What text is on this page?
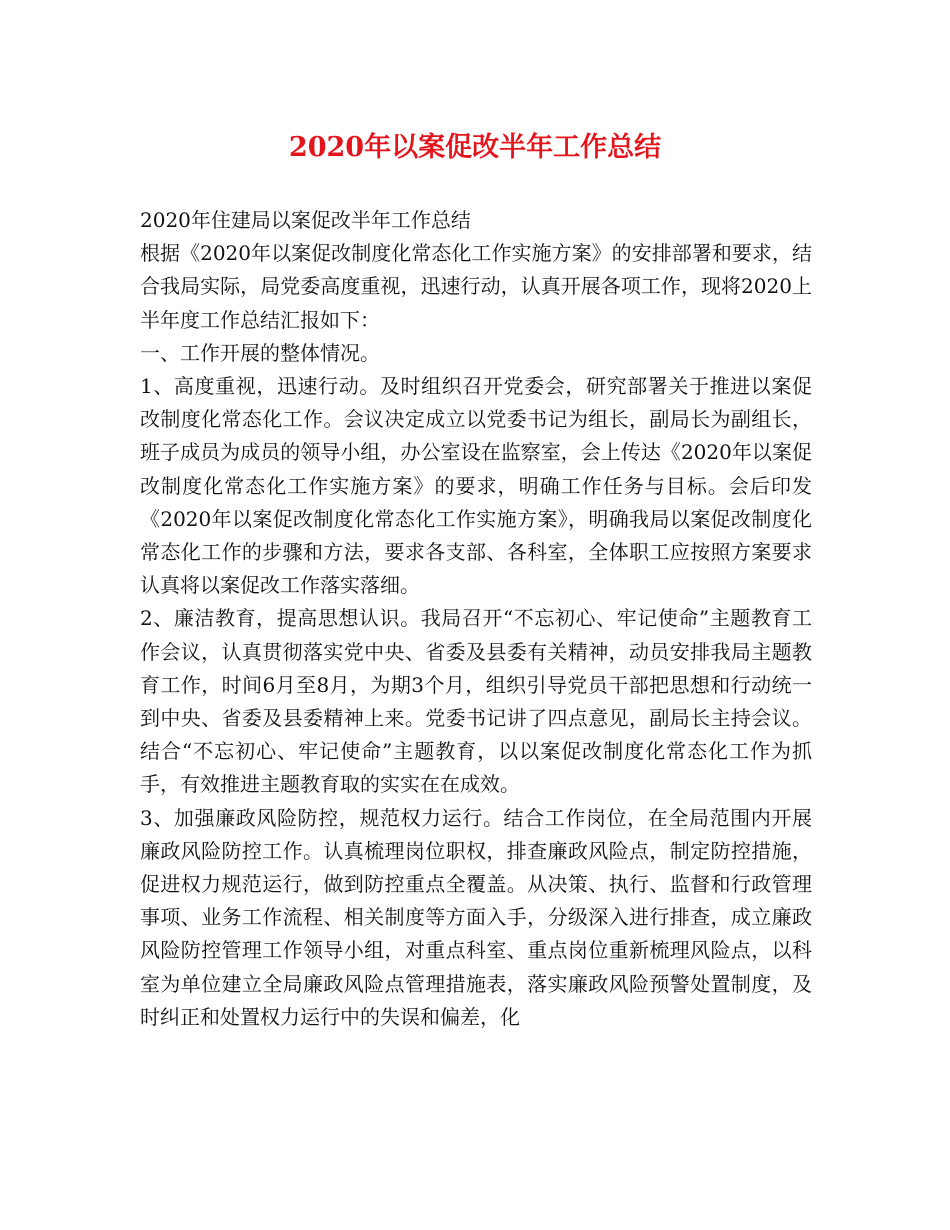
2020年以案促改半年工作总结

2020年住建局以案促改半年工作总结

根据《2020年以案促改制度化常态化工作实施方案》的安排部署和要求，结合我局实际，局党委高度重视，迅速行动，认真开展各项工作，现将2020上半年度工作总结汇报如下：

一、工作开展的整体情况。

1、高度重视，迅速行动。及时组织召开党委会，研究部署关于推进以案促改制度化常态化工作。会议决定成立以党委书记为组长，副局长为副组长，班子成员为成员的领导小组，办公室设在监察室，会上传达《2020年以案促改制度化常态化工作实施方案》的要求，明确工作任务与目标。会后印发《2020年以案促改制度化常态化工作实施方案》，明确我局以案促改制度化常态化工作的步骤和方法，要求各支部、各科室，全体职工应按照方案要求认真将以案促改工作落实落细。

2、廉洁教育，提高思想认识。我局召开“不忘初心、牢记使命”主题教育工作会议，认真贯彻落实党中央、省委及县委有关精神，动员安排我局主题教育工作，时间6月至8月，为期3个月，组织引导党员干部把思想和行动统一到中央、省委及县委精神上来。党委书记讲了四点意见，副局长主持会议。结合“不忘初心、牢记使命”主题教育，以以案促改制度化常态化工作为抓手，有效推进主题教育取的实实在在成效。

3、加强廉政风险防控，规范权力运行。结合工作岗位，在全局范围内开展廉政风险防控工作。认真梳理岗位职权，排查廉政风险点，制定防控措施，促进权力规范运行，做到防控重点全覆盖。从决策、执行、监督和行政管理事项、业务工作流程、相关制度等方面入手，分级深入进行排查，成立廉政风险防控管理工作领导小组，对重点科室、重点岗位重新梳理风险点，以科室为单位建立全局廉政风险点管理措施表，落实廉政风险预警处置制度，及时纠正和处置权力运行中的失误和偏差，化
